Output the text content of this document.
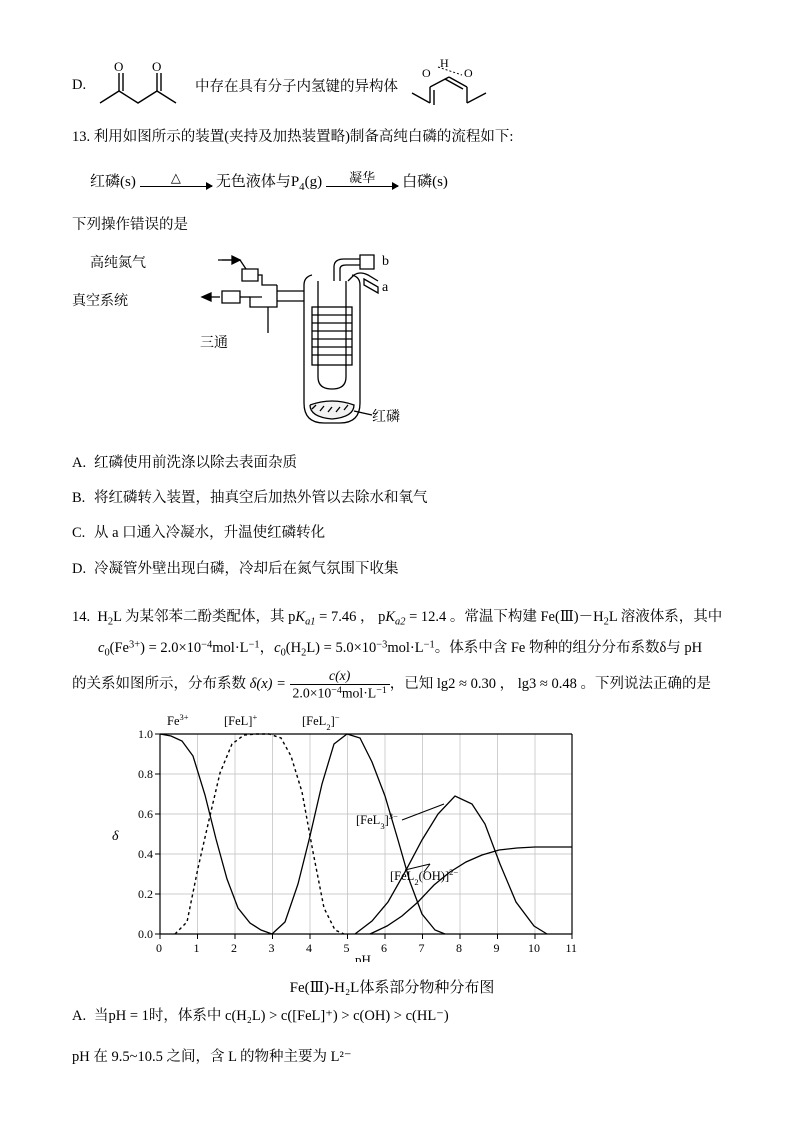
D.
O O
中存在具有分子内氢键的异构体
O
H
O
13. 利用如图所示的装置(夹持及加热装置略)制备高纯白磷的流程如下:
红磷(s)	△	无色液体与$P_4(g)$	凝华	白磷(s)
下列操作错误的是
高纯氮气
真空系统
三通
b
a
红磷
A. 红磷使用前洗涤以除去表面杂质
B. 将红磷转入装置，抽真空后加热外管以去除水和氧气
C. 从 a 口通入冷凝水，升温使红磷转化
D. 冷凝管外壁出现白磷，冷却后在氮气氛围下收集
14. $H_2L$ 为某邻苯二酚类配体，其 $pK_{a1} = 7.46$ ， $pK_{a2} = 12.4$ 。常温下构建 $Fe(Ⅲ)-H_2L$ 溶液体系，其中
$c_0(Fe^{3+}) = 2.0\times 10^{-4}mol\cdot L^{-1}$，$c_0(H_2L) = 5.0\times 10^{-3}mol\cdot L^{-1}$。体系中含 Fe 物种的组分分布系数δ与 pH
的关系如图所示，分布系数 $\delta(x) = \frac{c(x)}{2.0\times 10^{-4}mol\cdot L^{-1}}$ ，已知 lg2 ≈ 0.30 ， lg3 ≈ 0.48 。下列说法正确的是
0.0
0.2
0.4
0.6
0.8
1.0
0	1	2	3	4	5	6	7	8	9 10 11
δ
pH
$Fe^{3+}$	[FeL]+	[FeL$_2$]−
$[FeL_3]^{3-}$
$[FeL_2(OH)]^{2-}$
Fe(Ⅲ)-H₂L体系部分物种分布图
A. 当pH = 1时，体系中 c(H₂L) > c([FeL]⁺) > c(OH) > c(HL⁻)
pH 在 9.5~10.5 之间，含 L 的物种主要为 L²⁻
